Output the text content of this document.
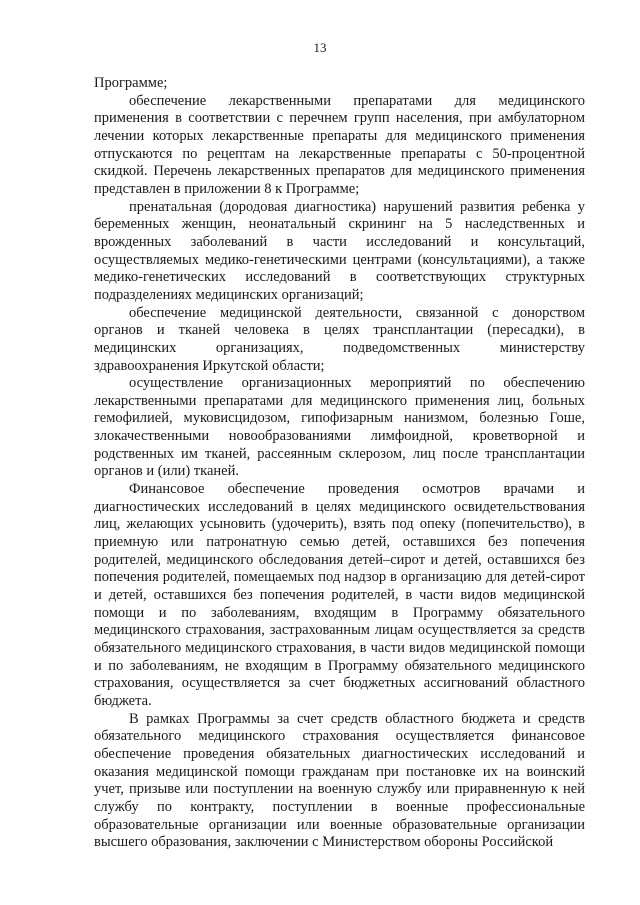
13

Программе;

обеспечение лекарственными препаратами для медицинского применения в соответствии с перечнем групп населения, при амбулаторном лечении которых лекарственные препараты для медицинского применения отпускаются по рецептам на лекарственные препараты с 50-процентной скидкой. Перечень лекарственных препаратов для медицинского применения представлен в приложении 8 к Программе;

пренатальная (дородовая диагностика) нарушений развития ребенка у беременных женщин, неонатальный скрининг на 5 наследственных и врожденных заболеваний в части исследований и консультаций, осуществляемых медико-генетическими центрами (консультациями), а также медико-генетических исследований в соответствующих структурных подразделениях медицинских организаций;

обеспечение медицинской деятельности, связанной с донорством органов и тканей человека в целях трансплантации (пересадки), в медицинских организациях, подведомственных министерству здравоохранения Иркутской области;

осуществление организационных мероприятий по обеспечению лекарственными препаратами для медицинского применения лиц, больных гемофилией, муковисцидозом, гипофизарным нанизмом, болезнью Гоше, злокачественными новообразованиями лимфоидной, кроветворной и родственных им тканей, рассеянным склерозом, лиц после трансплантации органов и (или) тканей.

Финансовое обеспечение проведения осмотров врачами и диагностических исследований в целях медицинского освидетельствования лиц, желающих усыновить (удочерить), взять под опеку (попечительство), в приемную или патронатную семью детей, оставшихся без попечения родителей, медицинского обследования детей–сирот и детей, оставшихся без попечения родителей, помещаемых под надзор в организацию для детей-сирот и детей, оставшихся без попечения родителей, в части видов медицинской помощи и по заболеваниям, входящим в Программу обязательного медицинского страхования, застрахованным лицам осуществляется за средств обязательного медицинского страхования, в части видов медицинской помощи и по заболеваниям, не входящим в Программу обязательного медицинского страхования, осуществляется за счет бюджетных ассигнований областного бюджета.

В рамках Программы за счет средств областного бюджета и средств обязательного медицинского страхования осуществляется финансовое обеспечение проведения обязательных диагностических исследований и оказания медицинской помощи гражданам при постановке их на воинский учет, призыве или поступлении на военную службу или приравненную к ней службу по контракту, поступлении в военные профессиональные образовательные организации или военные образовательные организации высшего образования, заключении с Министерством обороны Российской
